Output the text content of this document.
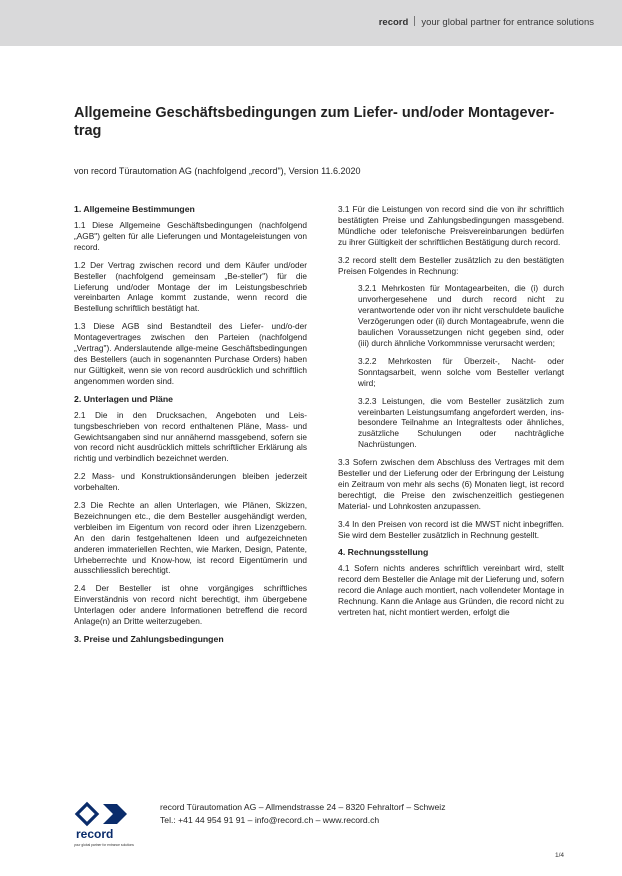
record your global partner for entrance solutions
Allgemeine Geschäftsbedingungen zum Liefer- und/oder Montagever-trag
von record Türautomation AG (nachfolgend „record"), Version 11.6.2020
1. Allgemeine Bestimmungen

1.1 Diese Allgemeine Geschäftsbedingungen (nachfolgend „AGB") gelten für alle Lieferungen und Montageleistungen von record.

1.2 Der Vertrag zwischen record und dem Käufer und/oder Besteller (nachfolgend gemeinsam „Be-steller") für die Lieferung und/oder Montage der im Leistungsbeschrieb vereinbarten Anlage kommt zustande, wenn record die Bestellung schriftlich bestätigt hat.

1.3 Diese AGB sind Bestandteil des Liefer- und/o-der Montagevertrages zwischen den Parteien (nachfolgend „Vertrag"). Anderslautende allge-meine Geschäftsbedingungen des Bestellers (auch in sogenannten Purchase Orders) haben nur Gültigkeit, wenn sie von record ausdrücklich und schriftlich angenommen worden sind.

2. Unterlagen und Pläne

2.1 Die in den Drucksachen, Angeboten und Leis-tungsbeschrieben von record enthaltenen Pläne, Mass- und Gewichtsangaben sind nur annähernd massgebend, sofern sie von record nicht ausdrücklich mittels schriftlicher Erklärung als richtig und verbindlich bezeichnet werden.

2.2 Mass- und Konstruktionsänderungen bleiben jederzeit vorbehalten.

2.3 Die Rechte an allen Unterlagen, wie Plänen, Skizzen, Bezeichnungen etc., die dem Besteller ausgehändigt werden, verbleiben im Eigentum von record oder ihren Lizenzgebern. An den darin festgehaltenen Ideen und aufgezeichneten anderen immateriellen Rechten, wie Marken, Design, Patente, Urheberrechte und Know-how, ist record Eigentümerin und ausschliesslich berechtigt.

2.4 Der Besteller ist ohne vorgängiges schriftliches Einverständnis von record nicht berechtigt, ihm übergebene Unterlagen oder andere Informationen betreffend die record Anlage(n) an Dritte weiterzugeben.

3. Preise und Zahlungsbedingungen

3.1 Für die Leistungen von record sind die von ihr schriftlich bestätigten Preise und Zahlungsbedingungen massgebend. Mündliche oder telefonische Preisvereinbarungen bedürfen zu ihrer Gültigkeit der schriftlichen Bestätigung durch record.

3.2 record stellt dem Besteller zusätzlich zu den bestätigten Preisen Folgendes in Rechnung:

3.2.1 Mehrkosten für Montagearbeiten, die (i) durch unvorhergesehene und durch record nicht zu verantwortende oder von ihr nicht verschuldete bauliche Verzögerungen oder (ii) durch Montageabrufe, wenn die baulichen Voraussetzungen nicht gegeben sind, oder (iii) durch ähnliche Vorkommnisse verursacht werden;

3.2.2 Mehrkosten für Überzeit-, Nacht- oder Sonntagsarbeit, wenn solche vom Besteller verlangt wird;

3.2.3 Leistungen, die vom Besteller zusätzlich zum vereinbarten Leistungsumfang angefordert werden, ins-besondere Teilnahme an Integraltests oder ähnliches, zusätzliche Schulungen oder nachträgliche Nachrüstungen.

3.3 Sofern zwischen dem Abschluss des Vertrages mit dem Besteller und der Lieferung oder der Erbringung der Leistung ein Zeitraum von mehr als sechs (6) Monaten liegt, ist record berechtigt, die Preise den zwischenzeitlich gestiegenen Material- und Lohnkosten anzupassen.

3.4 In den Preisen von record ist die MWST nicht inbegriffen. Sie wird dem Besteller zusätzlich in Rechnung gestellt.

4. Rechnungsstellung

4.1 Sofern nichts anderes schriftlich vereinbart wird, stellt record dem Besteller die Anlage mit der Lieferung und, sofern record die Anlage auch montiert, nach vollendeter Montage in Rechnung. Kann die Anlage aus Gründen, die record nicht zu vertreten hat, nicht montiert werden, erfolgt die

record
your global partner for entrance solutions
record Türautomation AG – Allmendstrasse 24 – 8320 Fehraltorf – Schweiz
Tel.: +41 44 954 91 91 – info@record.ch – www.record.ch
1/4
